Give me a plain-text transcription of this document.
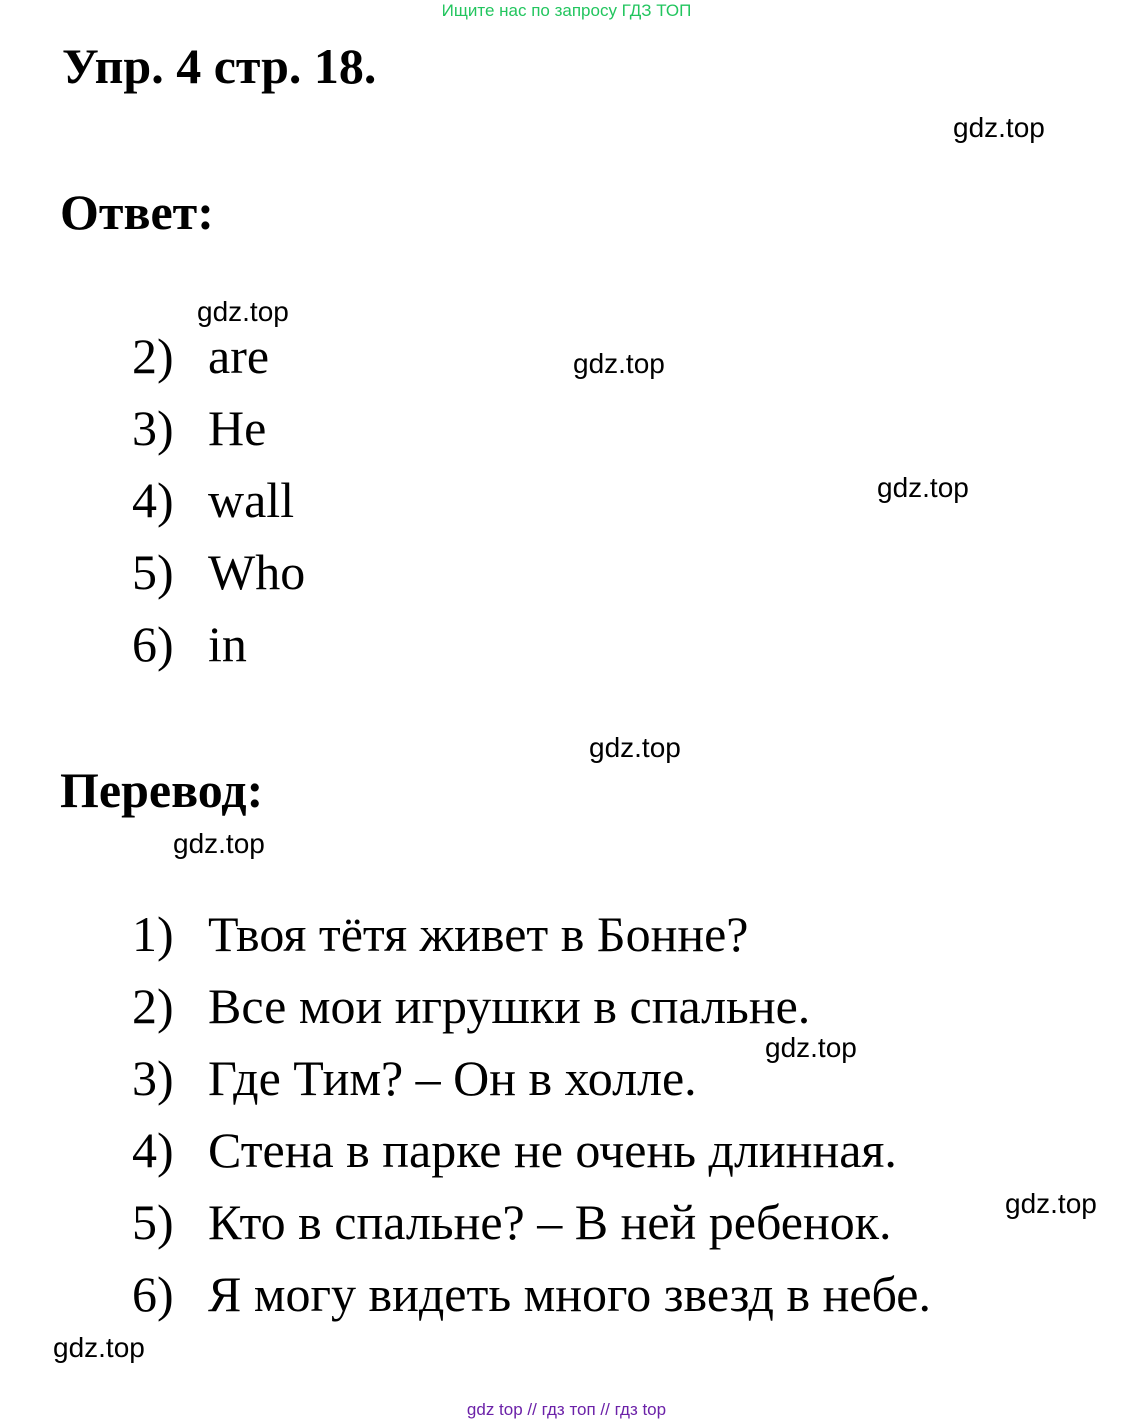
Ищите нас по запросу ГДЗ ТОП
Упр. 4 стр. 18.
Ответ:
2) are
3) He
4) wall
5) Who
6) in
Перевод:
1) Твоя тётя живет в Бонне?
2) Все мои игрушки в спальне.
3) Где Тим? – Он в холле.
4) Стена в парке не очень длинная.
5) Кто в спальне? – В ней ребенок.
6) Я могу видеть много звезд в небе.
gdz.top
gdz.top
gdz.top
gdz.top
gdz.top
gdz.top
gdz.top
gdz.top
gdz.top
gdz top // гдз топ // гдз top
